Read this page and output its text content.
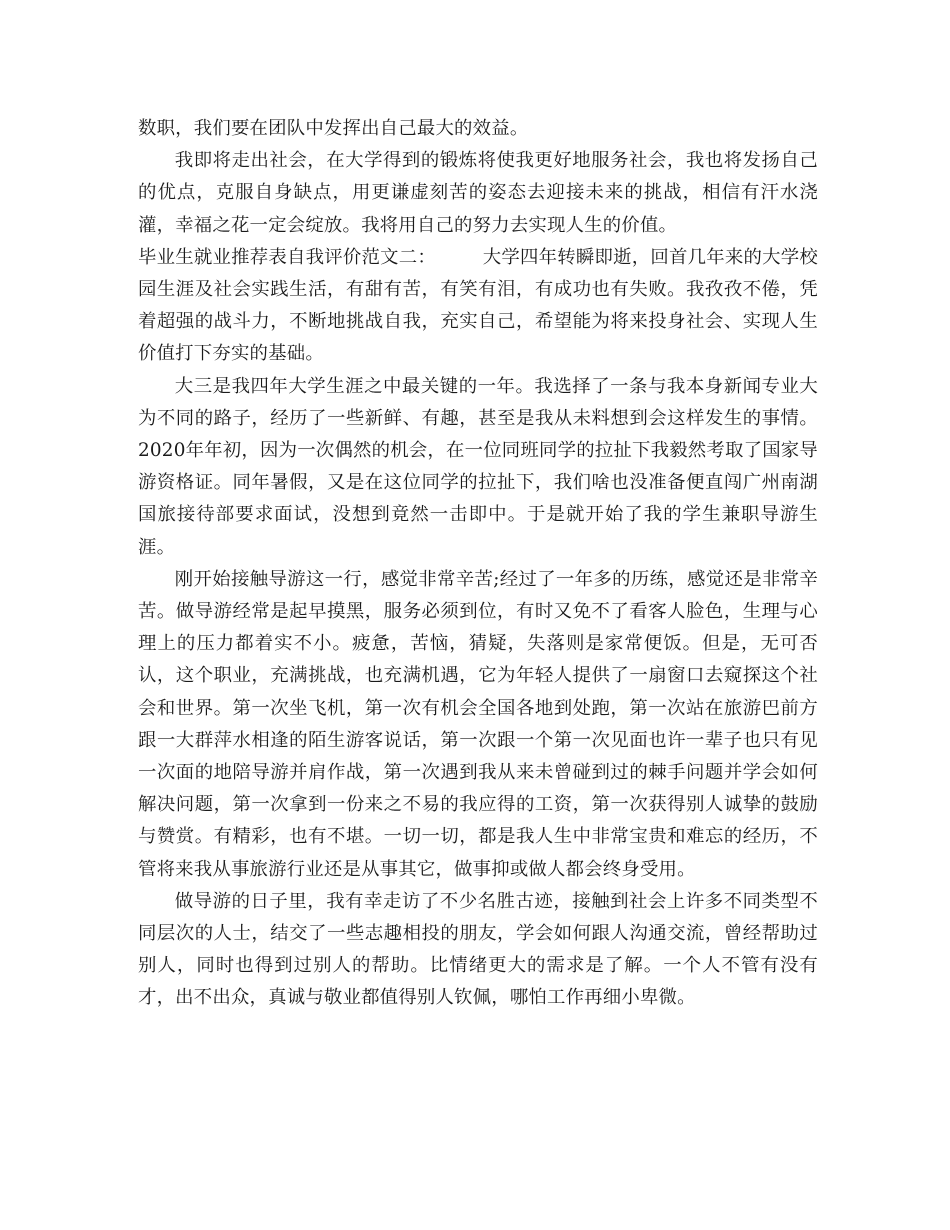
数职，我们要在团队中发挥出自己最大的效益。

我即将走出社会，在大学得到的锻炼将使我更好地服务社会，我也将发扬自己的优点，克服自身缺点，用更谦虚刻苦的姿态去迎接未来的挑战，相信有汗水浇灌，幸福之花一定会绽放。我将用自己的努力去实现人生的价值。

毕业生就业推荐表自我评价范文二：　　　大学四年转瞬即逝，回首几年来的大学校园生涯及社会实践生活，有甜有苦，有笑有泪，有成功也有失败。我孜孜不倦，凭着超强的战斗力，不断地挑战自我，充实自己，希望能为将来投身社会、实现人生价值打下夯实的基础。

大三是我四年大学生涯之中最关键的一年。我选择了一条与我本身新闻专业大为不同的路子，经历了一些新鲜、有趣，甚至是我从未料想到会这样发生的事情。2020年年初，因为一次偶然的机会，在一位同班同学的拉扯下我毅然考取了国家导游资格证。同年暑假，又是在这位同学的拉扯下，我们啥也没准备便直闯广州南湖国旅接待部要求面试，没想到竟然一击即中。于是就开始了我的学生兼职导游生涯。

刚开始接触导游这一行，感觉非常辛苦;经过了一年多的历练，感觉还是非常辛苦。做导游经常是起早摸黑，服务必须到位，有时又免不了看客人脸色，生理与心理上的压力都着实不小。疲惫，苦恼，猜疑，失落则是家常便饭。但是，无可否认，这个职业，充满挑战，也充满机遇，它为年轻人提供了一扇窗口去窥探这个社会和世界。第一次坐飞机，第一次有机会全国各地到处跑，第一次站在旅游巴前方跟一大群萍水相逢的陌生游客说话，第一次跟一个第一次见面也许一辈子也只有见一次面的地陪导游并肩作战，第一次遇到我从来未曾碰到过的棘手问题并学会如何解决问题，第一次拿到一份来之不易的我应得的工资，第一次获得别人诚挚的鼓励与赞赏。有精彩，也有不堪。一切一切，都是我人生中非常宝贵和难忘的经历，不管将来我从事旅游行业还是从事其它，做事抑或做人都会终身受用。

做导游的日子里，我有幸走访了不少名胜古迹，接触到社会上许多不同类型不同层次的人士，结交了一些志趣相投的朋友，学会如何跟人沟通交流，曾经帮助过别人，同时也得到过别人的帮助。比情绪更大的需求是了解。一个人不管有没有才，出不出众，真诚与敬业都值得别人钦佩，哪怕工作再细小卑微。
